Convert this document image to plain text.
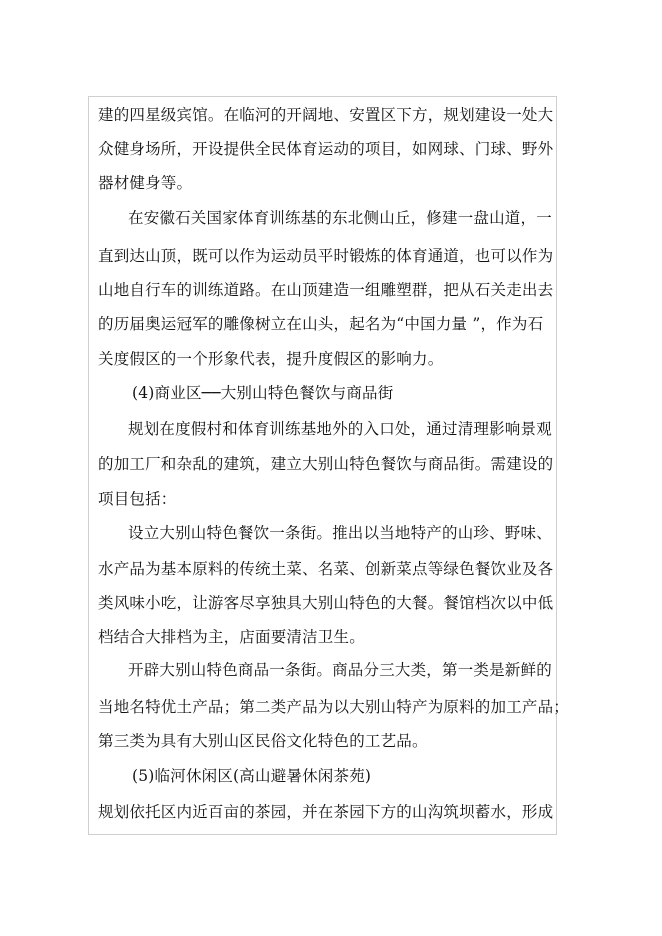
建的四星级宾馆。在临河的开阔地、安置区下方，规划建设一处大
众健身场所，开设提供全民体育运动的项目，如网球、门球、野外
器材健身等。
在安徽石关国家体育训练基的东北侧山丘，修建一盘山道，一
直到达山顶，既可以作为运动员平时锻炼的体育通道，也可以作为
山地自行车的训练道路。在山顶建造一组雕塑群，把从石关走出去
的历届奥运冠军的雕像树立在山头，起名为“中国力量 ”，作为石
关度假区的一个形象代表，提升度假区的影响力。
(4)商业区──大别山特色餐饮与商品街
规划在度假村和体育训练基地外的入口处，通过清理影响景观
的加工厂和杂乱的建筑，建立大别山特色餐饮与商品街。需建设的
项目包括：
设立大别山特色餐饮一条街。推出以当地特产的山珍、野味、
水产品为基本原料的传统土菜、名菜、创新菜点等绿色餐饮业及各
类风味小吃，让游客尽享独具大别山特色的大餐。餐馆档次以中低
档结合大排档为主，店面要清洁卫生。
开辟大别山特色商品一条街。商品分三大类，第一类是新鲜的
当地名特优土产品；第二类产品为以大别山特产为原料的加工产品；
第三类为具有大别山区民俗文化特色的工艺品。
(5)临河休闲区(高山避暑休闲茶苑)
规划依托区内近百亩的茶园，并在茶园下方的山沟筑坝蓄水，形成
